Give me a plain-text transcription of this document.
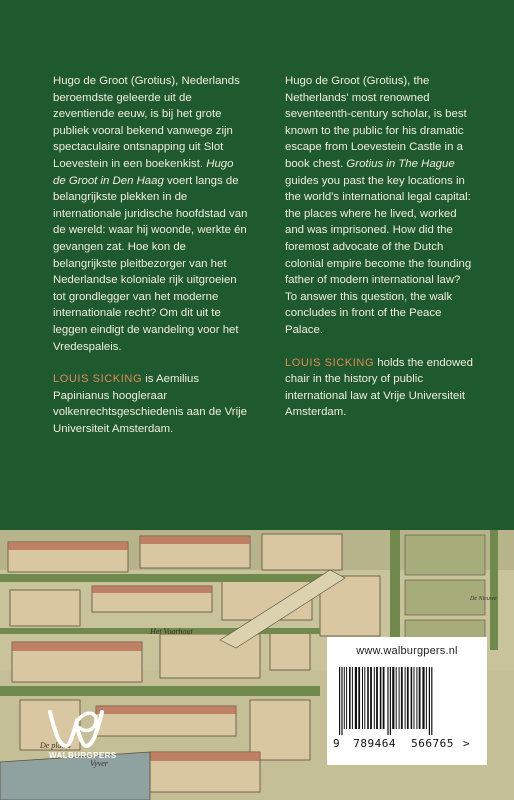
Hugo de Groot (Grotius), Nederlands beroemdste geleerde uit de zeventiende eeuw, is bij het grote publiek vooral bekend vanwege zijn spectaculaire ontsnapping uit Slot Loevestein in een boekenkist. Hugo de Groot in Den Haag voert langs de belangrijkste plekken in de internationale juridische hoofdstad van de wereld: waar hij woonde, werkte én gevangen zat. Hoe kon de belangrijkste pleitbezorger van het Nederlandse koloniale rijk uitgroeien tot grondlegger van het moderne internationale recht? Om dit uit te leggen eindigt de wandeling voor het Vredespaleis.

LOUIS SICKING is Aemilius Papinianus hoogleraar volkenrechtsgeschiedenis aan de Vrije Universiteit Amsterdam.

Hugo de Groot (Grotius), the Netherlands' most renowned seventeenth-century scholar, is best known to the public for his dramatic escape from Loevestein Castle in a book chest. Grotius in The Hague guides you past the key locations in the world's international legal capital: the places where he lived, worked and was imprisoned. How did the foremost advocate of the Dutch colonial empire become the founding father of modern international law? To answer this question, the walk concludes in front of the Peace Palace.

LOUIS SICKING holds the endowed chair in the history of public international law at Vrije Universiteit Amsterdam.

Het Voorhout
De plaats
De Nieuwe
Vyver
WALBURGPERS
www.walburgpers.nl
9 789464 566765 >
